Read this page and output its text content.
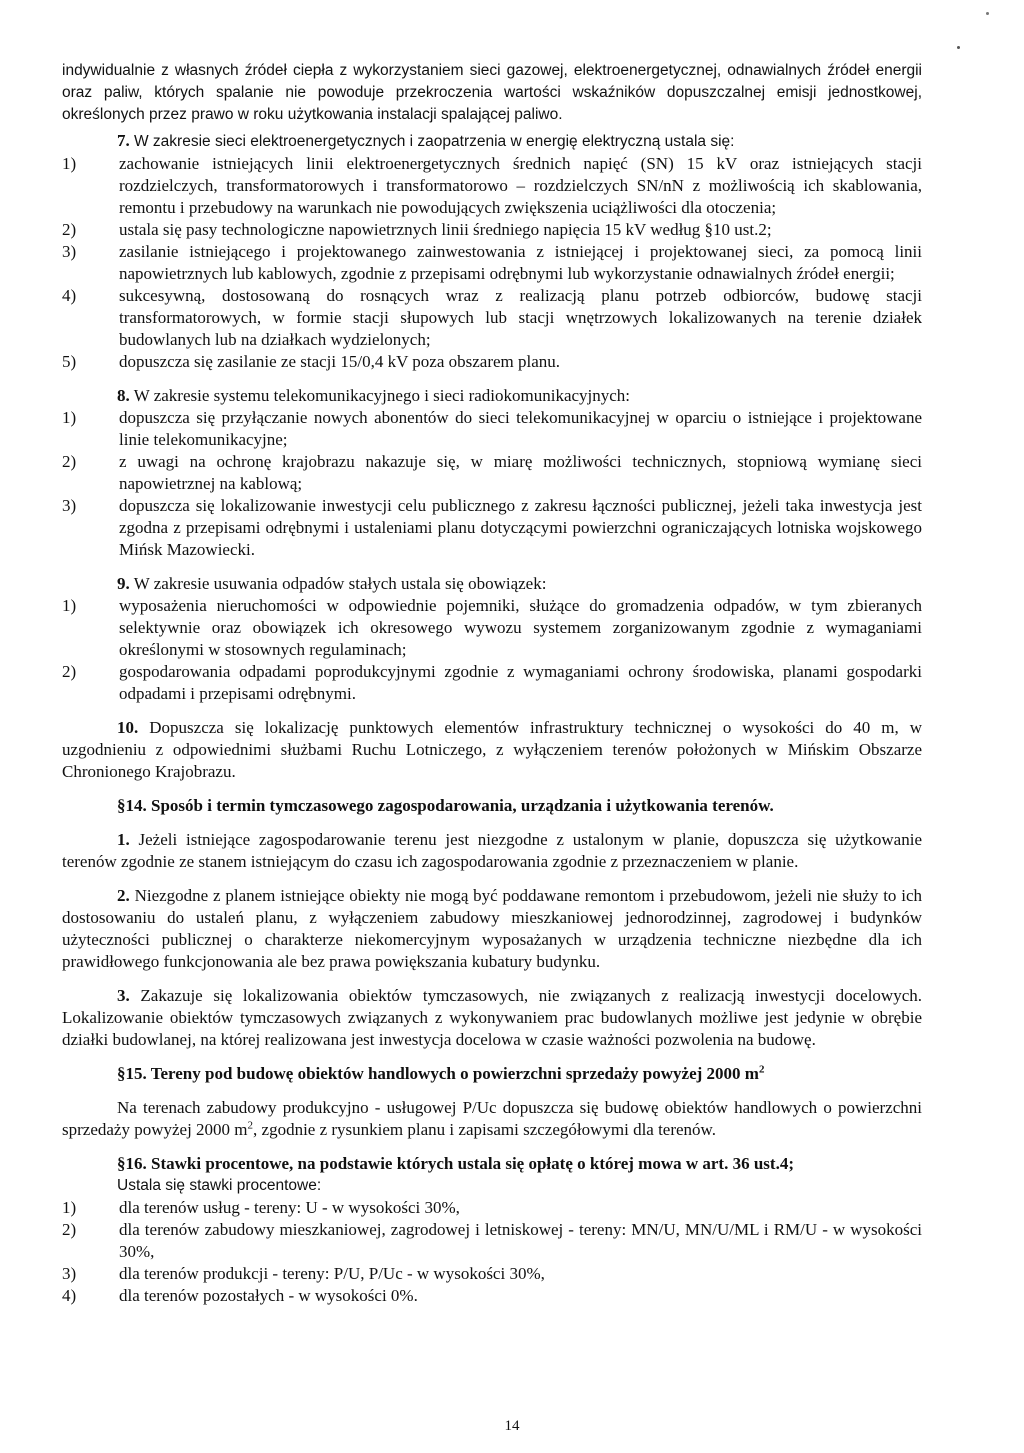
indywidualnie z własnych źródeł ciepła z wykorzystaniem sieci gazowej, elektroenergetycznej, odnawialnych źródeł energii oraz paliw, których spalanie nie powoduje przekroczenia wartości wskaźników dopuszczalnej emisji jednostkowej, określonych przez prawo w roku użytkowania instalacji spalającej paliwo.

7. W zakresie sieci elektroenergetycznych i zaopatrzenia w energię elektryczną ustala się:

1)	zachowanie istniejących linii elektroenergetycznych średnich napięć (SN) 15 kV oraz istniejących stacji rozdzielczych, transformatorowych i transformatorowo – rozdzielczych SN/nN z możliwością ich skablowania, remontu i przebudowy na warunkach nie powodujących zwiększenia uciążliwości dla otoczenia;
2)	ustala się pasy technologiczne napowietrznych linii średniego napięcia 15 kV według §10 ust.2;
3)	zasilanie istniejącego i projektowanego zainwestowania z istniejącej i projektowanej sieci, za pomocą linii napowietrznych lub kablowych, zgodnie z przepisami odrębnymi lub wykorzystanie odnawialnych źródeł energii;
4)	sukcesywną, dostosowaną do rosnących wraz z realizacją planu potrzeb odbiorców, budowę stacji transformatorowych, w formie stacji słupowych lub stacji wnętrzowych lokalizowanych na terenie działek budowlanych lub na działkach wydzielonych;
5)	dopuszcza się zasilanie ze stacji 15/0,4 kV poza obszarem planu.

8. W zakresie systemu telekomunikacyjnego i sieci radiokomunikacyjnych:

1)	dopuszcza się przyłączanie nowych abonentów do sieci telekomunikacyjnej w oparciu o istniejące i projektowane linie telekomunikacyjne;
2)	z uwagi na ochronę krajobrazu nakazuje się, w miarę możliwości technicznych, stopniową wymianę sieci napowietrznej na kablową;
3)	dopuszcza się lokalizowanie inwestycji celu publicznego z zakresu łączności publicznej, jeżeli taka inwestycja jest zgodna z przepisami odrębnymi i ustaleniami planu dotyczącymi powierzchni ograniczających lotniska wojskowego Mińsk Mazowiecki.

9. W zakresie usuwania odpadów stałych ustala się obowiązek:

1)	wyposażenia nieruchomości w odpowiednie pojemniki, służące do gromadzenia odpadów, w tym zbieranych selektywnie oraz obowiązek ich okresowego wywozu systemem zorganizowanym zgodnie z wymaganiami określonymi w stosownych regulaminach;
2)	gospodarowania odpadami poprodukcyjnymi zgodnie z wymaganiami ochrony środowiska, planami gospodarki odpadami i przepisami odrębnymi.

10. Dopuszcza się lokalizację punktowych elementów infrastruktury technicznej o wysokości do 40 m, w uzgodnieniu z odpowiednimi służbami Ruchu Lotniczego, z wyłączeniem terenów położonych w Mińskim Obszarze Chronionego Krajobrazu.

§14. Sposób i termin tymczasowego zagospodarowania, urządzania i użytkowania terenów.

1. Jeżeli istniejące zagospodarowanie terenu jest niezgodne z ustalonym w planie, dopuszcza się użytkowanie terenów zgodnie ze stanem istniejącym do czasu ich zagospodarowania zgodnie z przeznaczeniem w planie.

2. Niezgodne z planem istniejące obiekty nie mogą być poddawane remontom i przebudowom, jeżeli nie służy to ich dostosowaniu do ustaleń planu, z wyłączeniem zabudowy mieszkaniowej jednorodzinnej, zagrodowej i budynków użyteczności publicznej o charakterze niekomercyjnym wyposażanych w urządzenia techniczne niezbędne dla ich prawidłowego funkcjonowania ale bez prawa powiększania kubatury budynku.

3. Zakazuje się lokalizowania obiektów tymczasowych, nie związanych z realizacją inwestycji docelowych. Lokalizowanie obiektów tymczasowych związanych z wykonywaniem prac budowlanych możliwe jest jedynie w obrębie działki budowlanej, na której realizowana jest inwestycja docelowa w czasie ważności pozwolenia na budowę.

§15. Tereny pod budowę obiektów handlowych o powierzchni sprzedaży powyżej 2000 $m^2$

Na terenach zabudowy produkcyjno - usługowej P/Uc dopuszcza się budowę obiektów handlowych o powierzchni sprzedaży powyżej 2000 $m^2$, zgodnie z rysunkiem planu i zapisami szczegółowymi dla terenów.

§16. Stawki procentowe, na podstawie których ustala się opłatę o której mowa w art. 36 ust.4;

Ustala się stawki procentowe:

1)	dla terenów usług - tereny: U - w wysokości 30%,
2)	dla terenów zabudowy mieszkaniowej, zagrodowej i letniskowej - tereny: MN/U, MN/U/ML i RM/U - w wysokości 30%,
3)	dla terenów produkcji - tereny: P/U, P/Uc - w wysokości 30%,
4)	dla terenów pozostałych - w wysokości 0%.
14
